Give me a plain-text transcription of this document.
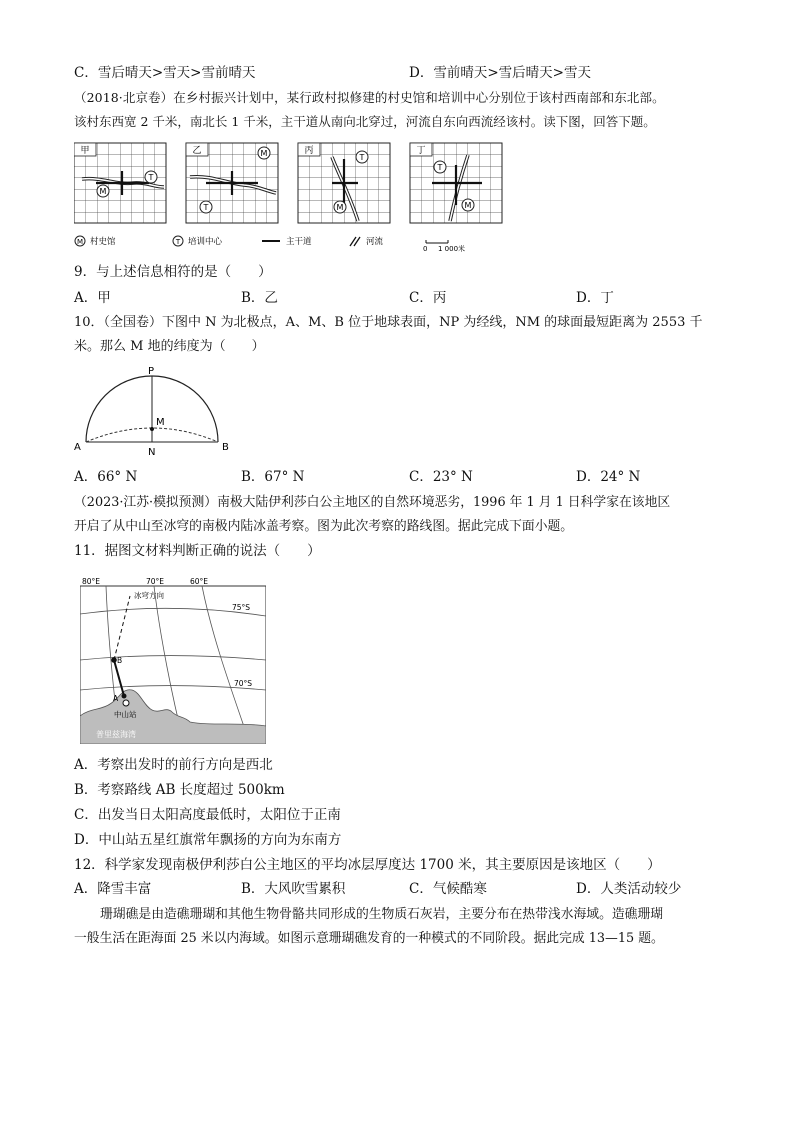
C．雪后晴天>雪天>雪前晴天	D．雪前晴天>雪后晴天>雪天
（2018·北京卷）在乡村振兴计划中，某行政村拟修建的村史馆和培训中心分别位于该村西南部和东北部。
该村东西宽 2 千米，南北长 1 千米，主干道从南向北穿过，河流自东向西流经该村。读下图，回答下题。
甲
M
T
乙	M
T
丙
T
M
丁
T
M
M 村史馆	T 培训中心	主干道	河流
0 1 000米
9．与上述信息相符的是（　　）
A．甲	B．乙	C．丙	D．丁
10．（全国卷）下图中 N 为北极点，A、M、B 位于地球表面，NP 为经线，NM 的球面最短距离为 2553 千
米。那么 M 地的纬度为（　　）
P
M
N
A	B
A．66° N	B．67° N	C．23° N	D．24° N
（2023·江苏·模拟预测）南极大陆伊利莎白公主地区的自然环境恶劣，1996 年 1 月 1 日科学家在该地区
开启了从中山至冰穹的南极内陆冰盖考察。图为此次考察的路线图。据此完成下面小题。
11．据图文材料判断正确的说法（　　）
80°E	70°E	60°E
75°S
70°S
冰穹方向
B
A
中山站
普里兹海湾
A．考察出发时的前行方向是西北
B．考察路线 AB 长度超过 500km
C．出发当日太阳高度最低时，太阳位于正南
D．中山站五星红旗常年飘扬的方向为东南方
12．科学家发现南极伊利莎白公主地区的平均冰层厚度达 1700 米，其主要原因是该地区（　　）
A．降雪丰富	B．大风吹雪累积	C．气候酷寒	D．人类活动较少
珊瑚礁是由造礁珊瑚和其他生物骨骼共同形成的生物质石灰岩，主要分布在热带浅水海域。造礁珊瑚
一般生活在距海面 25 米以内海域。如图示意珊瑚礁发育的一种模式的不同阶段。据此完成 13—15 题。
